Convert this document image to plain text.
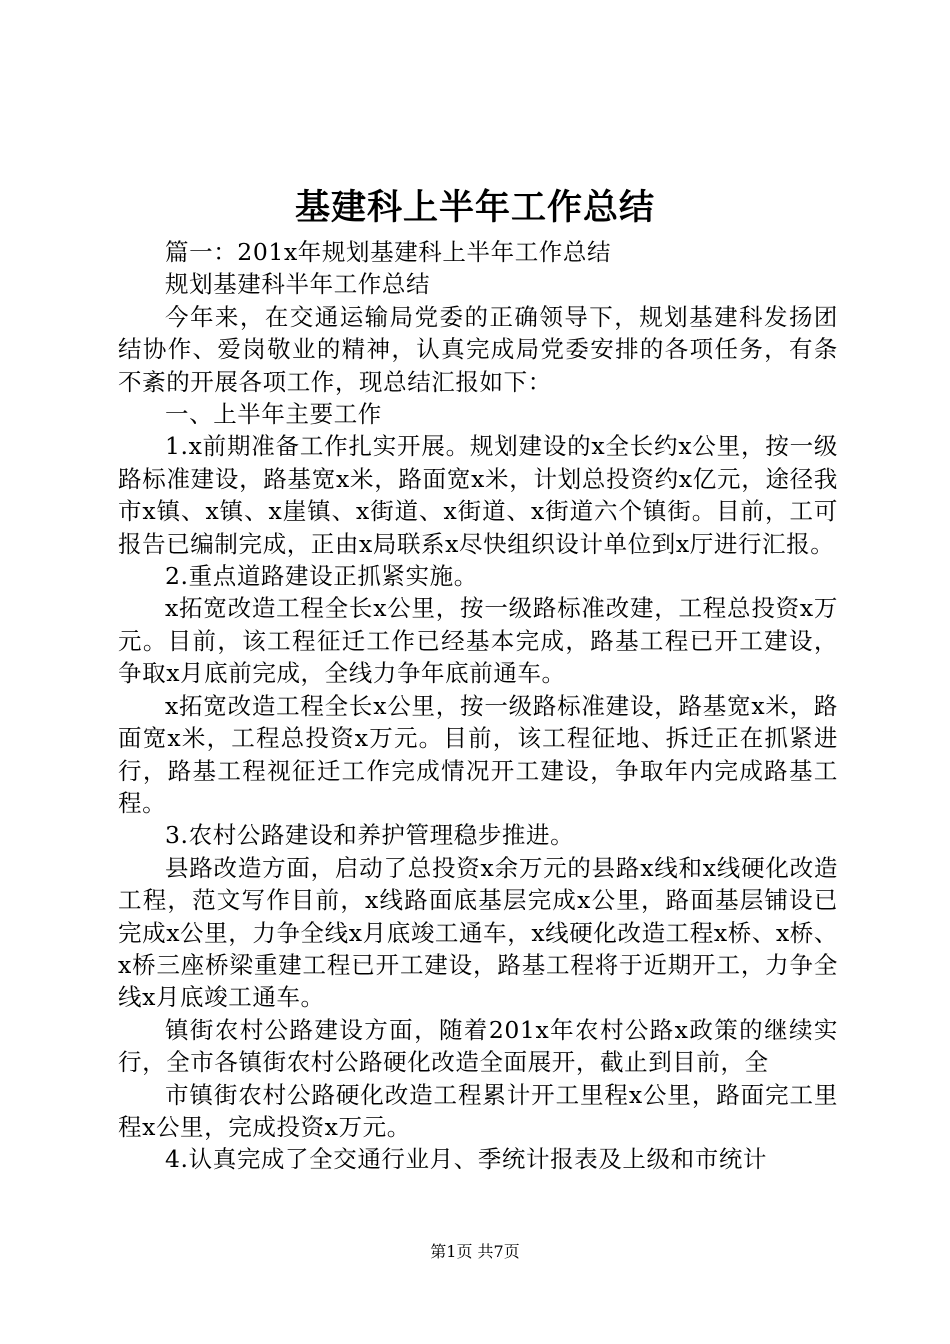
基建科上半年工作总结

篇一：201x年规划基建科上半年工作总结

规划基建科半年工作总结

今年来，在交通运输局党委的正确领导下，规划基建科发扬团结协作、爱岗敬业的精神，认真完成局党委安排的各项任务，有条不紊的开展各项工作，现总结汇报如下：

一、上半年主要工作

1.x前期准备工作扎实开展。规划建设的x全长约x公里，按一级路标准建设，路基宽x米，路面宽x米，计划总投资约x亿元，途径我市x镇、x镇、x崖镇、x街道、x街道、x街道六个镇街。目前，工可报告已编制完成，正由x局联系x尽快组织设计单位到x厅进行汇报。

2.重点道路建设正抓紧实施。

x拓宽改造工程全长x公里，按一级路标准改建，工程总投资x万元。目前，该工程征迁工作已经基本完成，路基工程已开工建设，争取x月底前完成，全线力争年底前通车。

x拓宽改造工程全长x公里，按一级路标准建设，路基宽x米，路面宽x米，工程总投资x万元。目前，该工程征地、拆迁正在抓紧进行，路基工程视征迁工作完成情况开工建设，争取年内完成路基工程。

3.农村公路建设和养护管理稳步推进。

县路改造方面，启动了总投资x余万元的县路x线和x线硬化改造工程，范文写作目前，x线路面底基层完成x公里，路面基层铺设已完成x公里，力争全线x月底竣工通车，x线硬化改造工程x桥、x桥、x桥三座桥梁重建工程已开工建设，路基工程将于近期开工，力争全线x月底竣工通车。

镇街农村公路建设方面，随着201x年农村公路x政策的继续实行，全市各镇街农村公路硬化改造全面展开，截止到目前，全

市镇街农村公路硬化改造工程累计开工里程x公里，路面完工里程x公里，完成投资x万元。

4.认真完成了全交通行业月、季统计报表及上级和市统计

第1页 共7页
